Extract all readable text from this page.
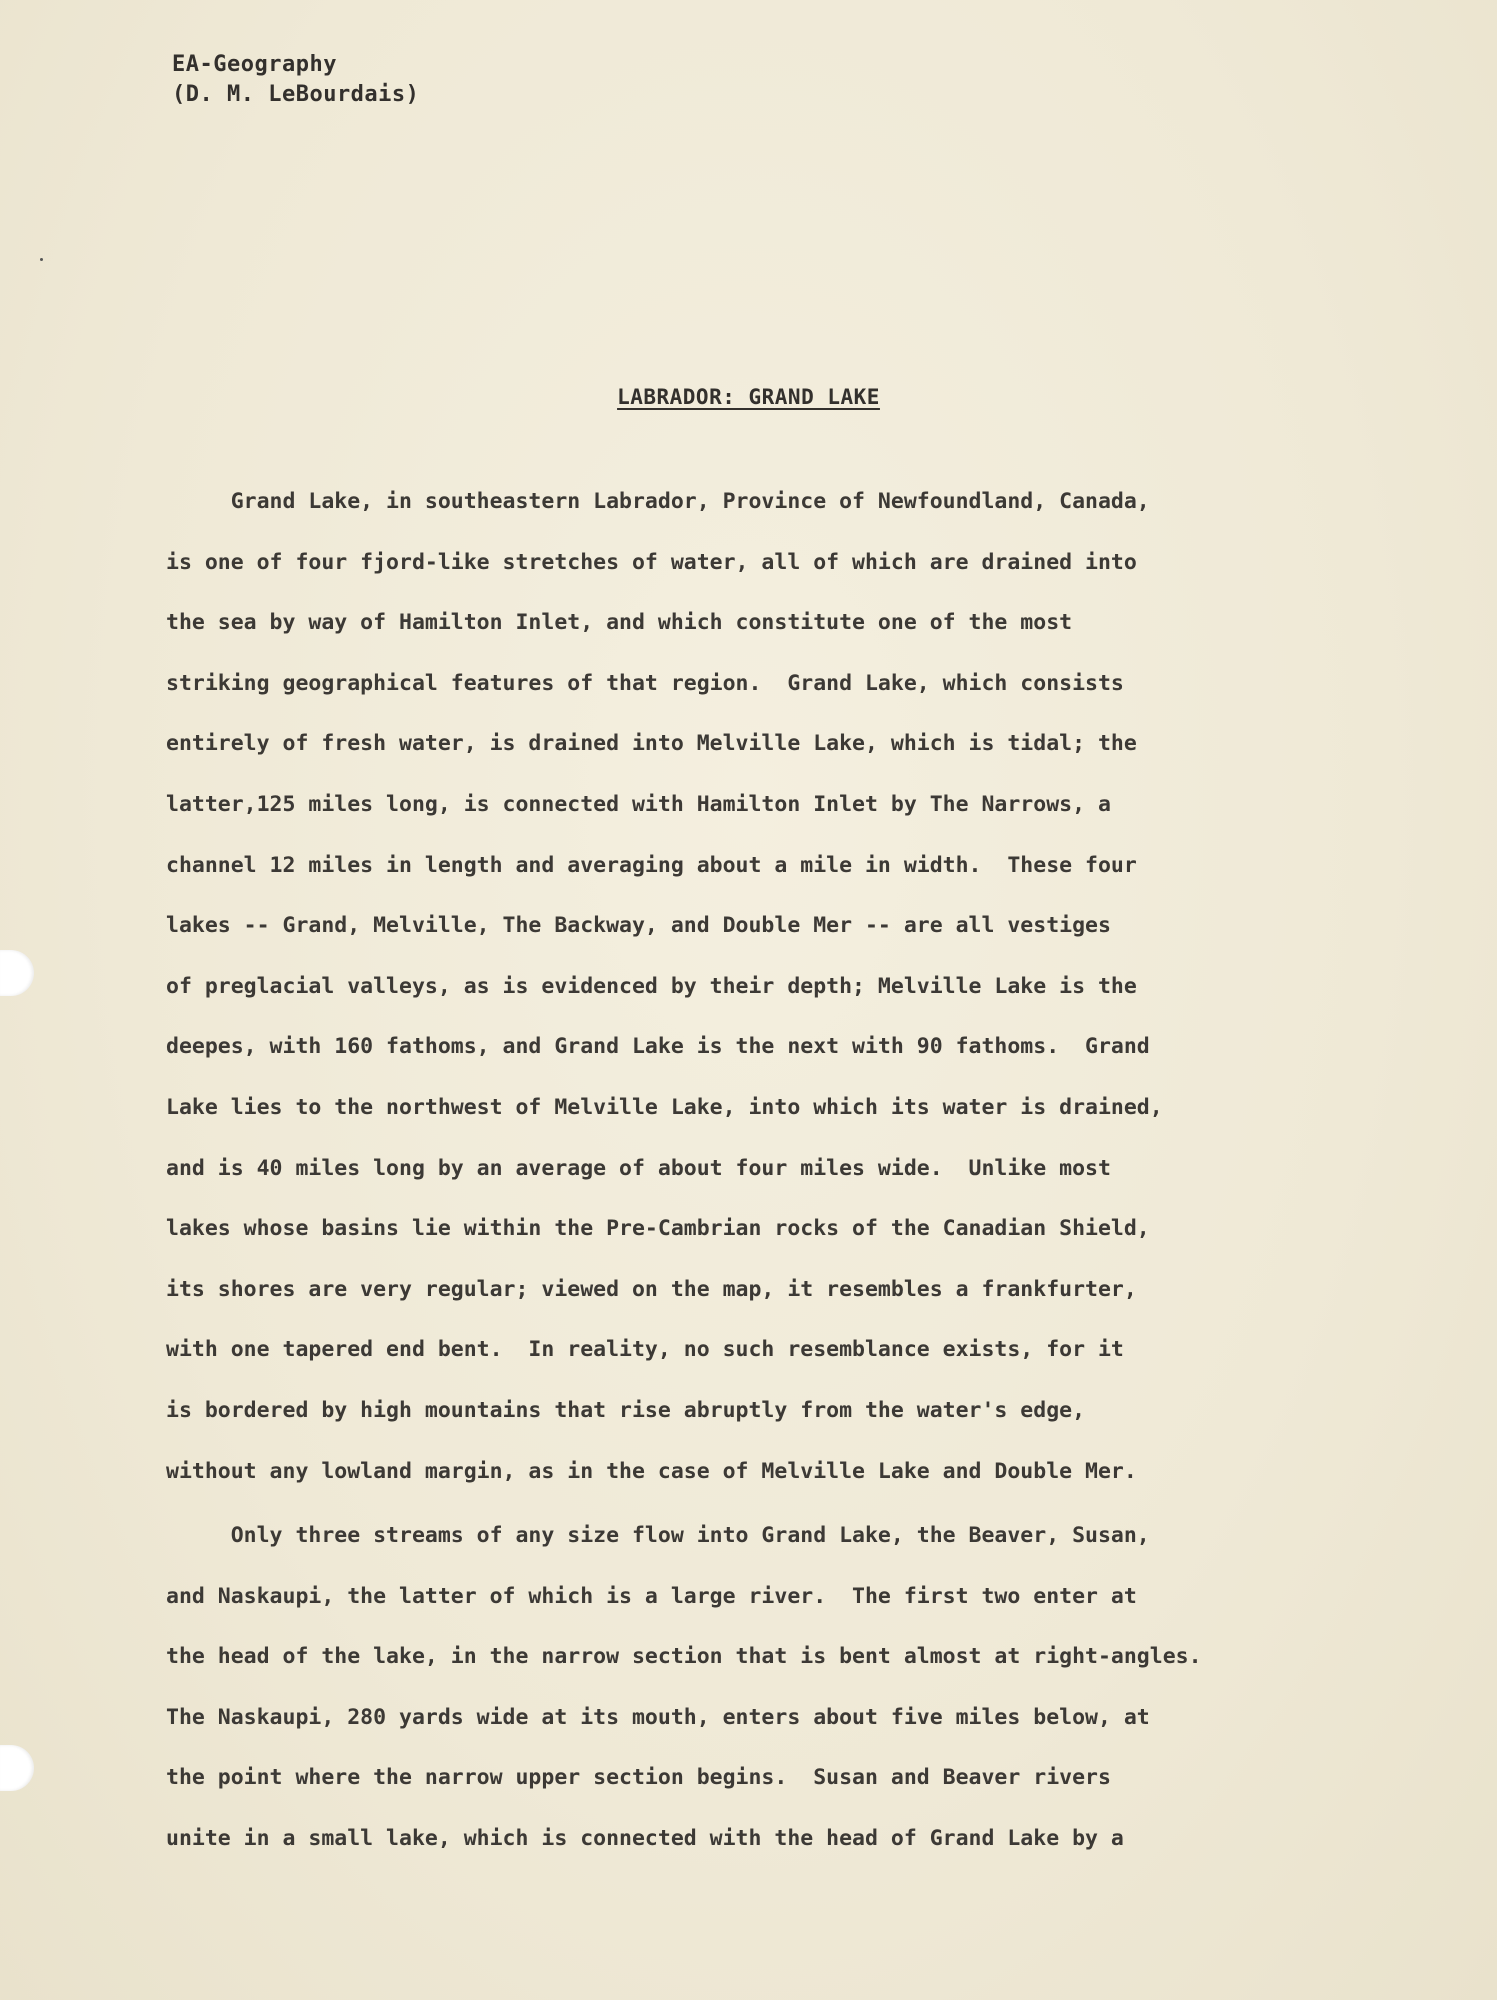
EA-Geography
(D. M. LeBourdais)
LABRADOR: GRAND LAKE
Grand Lake, in southeastern Labrador, Province of Newfoundland, Canada,
is one of four fjord-like stretches of water, all of which are drained into
the sea by way of Hamilton Inlet, and which constitute one of the most
striking geographical features of that region.  Grand Lake, which consists
entirely of fresh water, is drained into Melville Lake, which is tidal; the
latter,125 miles long, is connected with Hamilton Inlet by The Narrows, a
channel 12 miles in length and averaging about a mile in width.  These four
lakes -- Grand, Melville, The Backway, and Double Mer -- are all vestiges
of preglacial valleys, as is evidenced by their depth; Melville Lake is the
deepes, with 160 fathoms, and Grand Lake is the next with 90 fathoms.  Grand
Lake lies to the northwest of Melville Lake, into which its water is drained,
and is 40 miles long by an average of about four miles wide.  Unlike most
lakes whose basins lie within the Pre-Cambrian rocks of the Canadian Shield,
its shores are very regular; viewed on the map, it resembles a frankfurter,
with one tapered end bent.  In reality, no such resemblance exists, for it
is bordered by high mountains that rise abruptly from the water's edge,
without any lowland margin, as in the case of Melville Lake and Double Mer.
Only three streams of any size flow into Grand Lake, the Beaver, Susan,
and Naskaupi, the latter of which is a large river.  The first two enter at
the head of the lake, in the narrow section that is bent almost at right-angles.
The Naskaupi, 280 yards wide at its mouth, enters about five miles below, at
the point where the narrow upper section begins.  Susan and Beaver rivers
unite in a small lake, which is connected with the head of Grand Lake by a
